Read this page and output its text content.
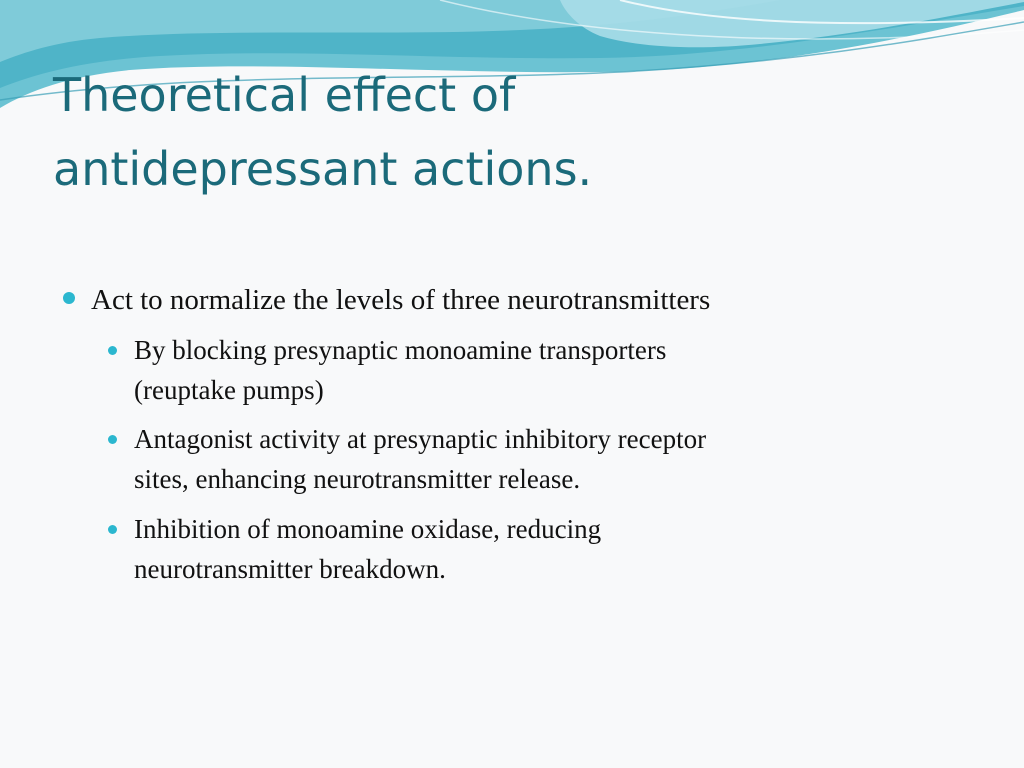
Theoretical effect of
antidepressant actions.
Act to normalize the levels of three neurotransmitters
By blocking presynaptic monoamine transporters
(reuptake pumps)
Antagonist activity at presynaptic inhibitory receptor
sites, enhancing neurotransmitter release.
Inhibition of monoamine oxidase, reducing
neurotransmitter breakdown.
